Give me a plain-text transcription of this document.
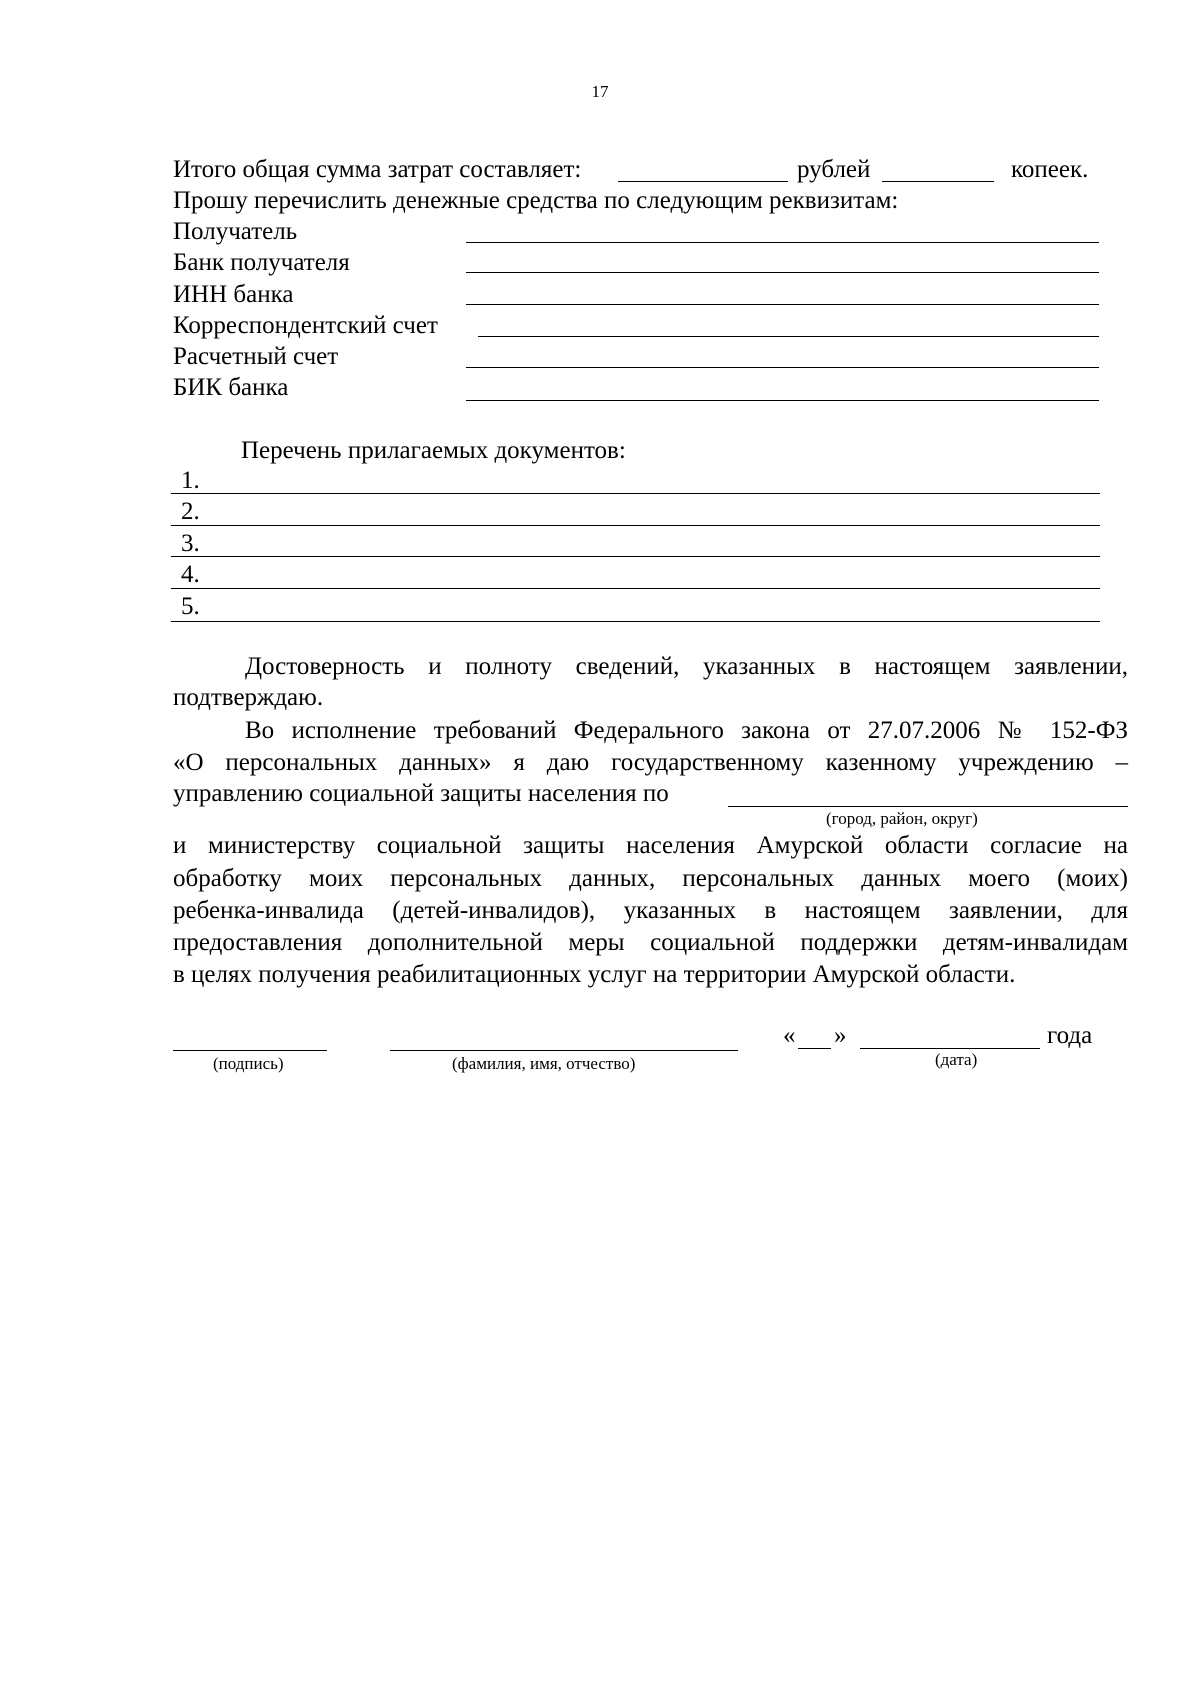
17
Итого общая сумма затрат составляет:	рублей	копеек.
Прошу перечислить денежные средства по следующим реквизитам:
Получатель
Банк получателя
ИНН банка
Корреспондентский счет
Расчетный счет
БИК банка
Перечень прилагаемых документов:
1.
2.
3.
4.
5.
Достоверность и полноту сведений, указанных в настоящем заявлении,
подтверждаю.
Во исполнение требований Федерального закона от 27.07.2006 № 152-ФЗ
«О персональных данных» я даю государственному казенному учреждению –
управлению социальной защиты населения по
(город, район, округ)
и министерству социальной защиты населения Амурской области согласие на
обработку моих персональных данных, персональных данных моего (моих)
ребенка-инвалида (детей-инвалидов), указанных в настоящем заявлении, для
предоставления дополнительной меры социальной поддержки детям-инвалидам
в целях получения реабилитационных услуг на территории Амурской области.
(подпись)	(фамилия, имя, отчество)
« »	года
(дата)
